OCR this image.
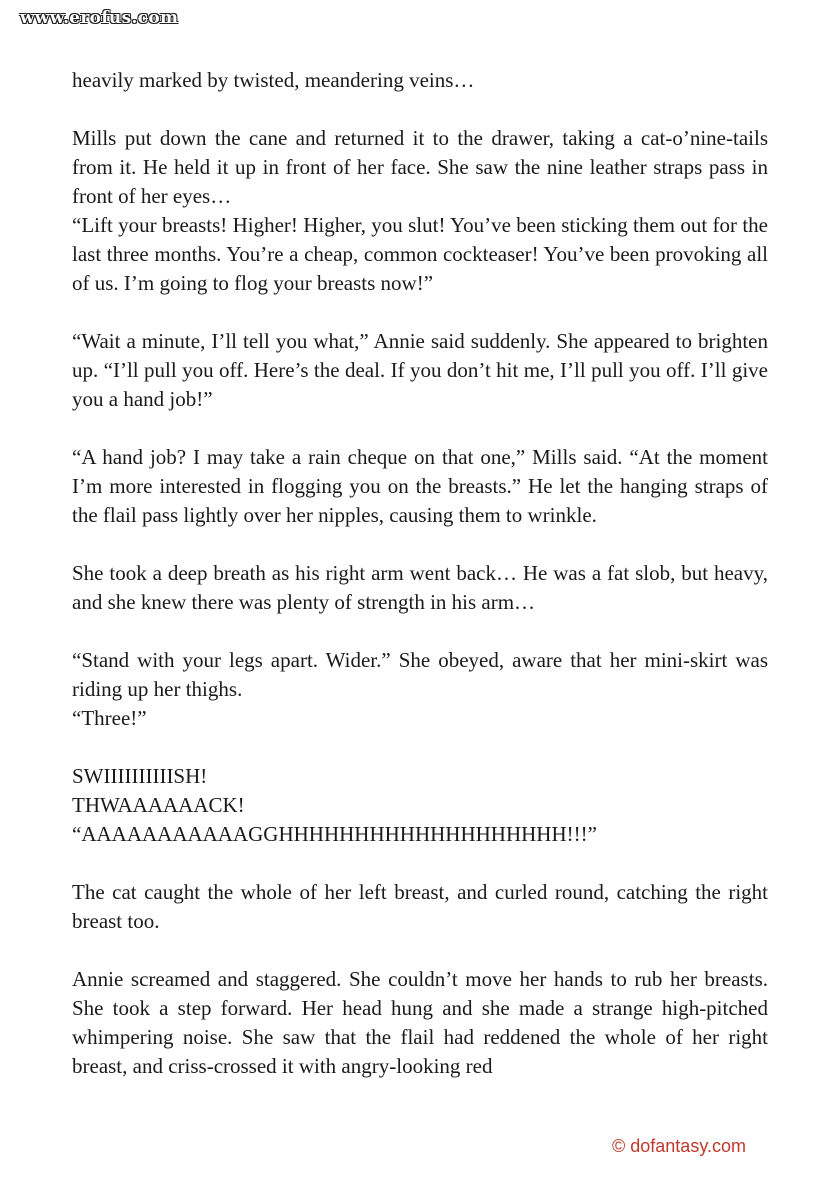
www.erofus.com

heavily marked by twisted, meandering veins…

Mills put down the cane and returned it to the drawer, taking a cat-o’nine-tails from it. He held it up in front of her face. She saw the nine leather straps pass in front of her eyes…
“Lift your breasts! Higher! Higher, you slut! You’ve been sticking them out for the last three months. You’re a cheap, common cockteaser! You’ve been provoking all of us. I’m going to flog your breasts now!”

“Wait a minute, I’ll tell you what,” Annie said suddenly. She appeared to brighten up. “I’ll pull you off. Here’s the deal. If you don’t hit me, I’ll pull you off. I’ll give you a hand job!”

“A hand job? I may take a rain cheque on that one,” Mills said. “At the moment I’m more interested in flogging you on the breasts.” He let the hanging straps of the flail pass lightly over her nipples, causing them to wrinkle.

She took a deep breath as his right arm went back… He was a fat slob, but heavy, and she knew there was plenty of strength in his arm…

“Stand with your legs apart. Wider.” She obeyed, aware that her mini-skirt was riding up her thighs.
“Three!”

SWIIIIIIIIIISH!
THWAAAAAACK!
“AAAAAAAAAAAGGHHHHHHHHHHHHHHHHHHH!!!”

The cat caught the whole of her left breast, and curled round, catching the right breast too.

Annie screamed and staggered. She couldn’t move her hands to rub her breasts. She took a step forward. Her head hung and she made a strange high-pitched whimpering noise. She saw that the flail had reddened the whole of her right breast, and criss-crossed it with angry-looking red

© dofantasy.com
